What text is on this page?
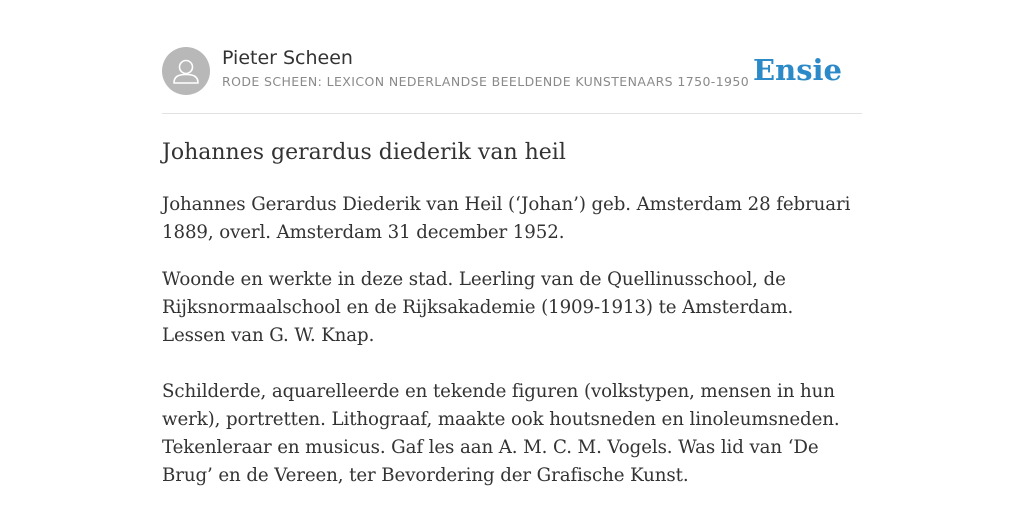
Pieter Scheen
RODE SCHEEN: LEXICON NEDERLANDSE BEELDENDE KUNSTENAARS 1750-1950 Ensie
Johannes gerardus diederik van heil

Johannes Gerardus Diederik van Heil (‘Johan’) geb. Amsterdam 28 februari 1889, overl. Amsterdam 31 december 1952.

Woonde en werkte in deze stad. Leerling van de Quellinusschool, de Rijksnormaalschool en de Rijksakademie (1909-1913) te Amsterdam. Lessen van G. W. Knap.

Schilderde, aquarelleerde en tekende figuren (volkstypen, mensen in hun werk), portretten. Lithograaf, maakte ook houtsneden en linoleumsneden. Tekenleraar en musicus. Gaf les aan A. M. C. M. Vogels. Was lid van ‘De Brug’ en de Vereen, ter Bevordering der Grafische Kunst.
